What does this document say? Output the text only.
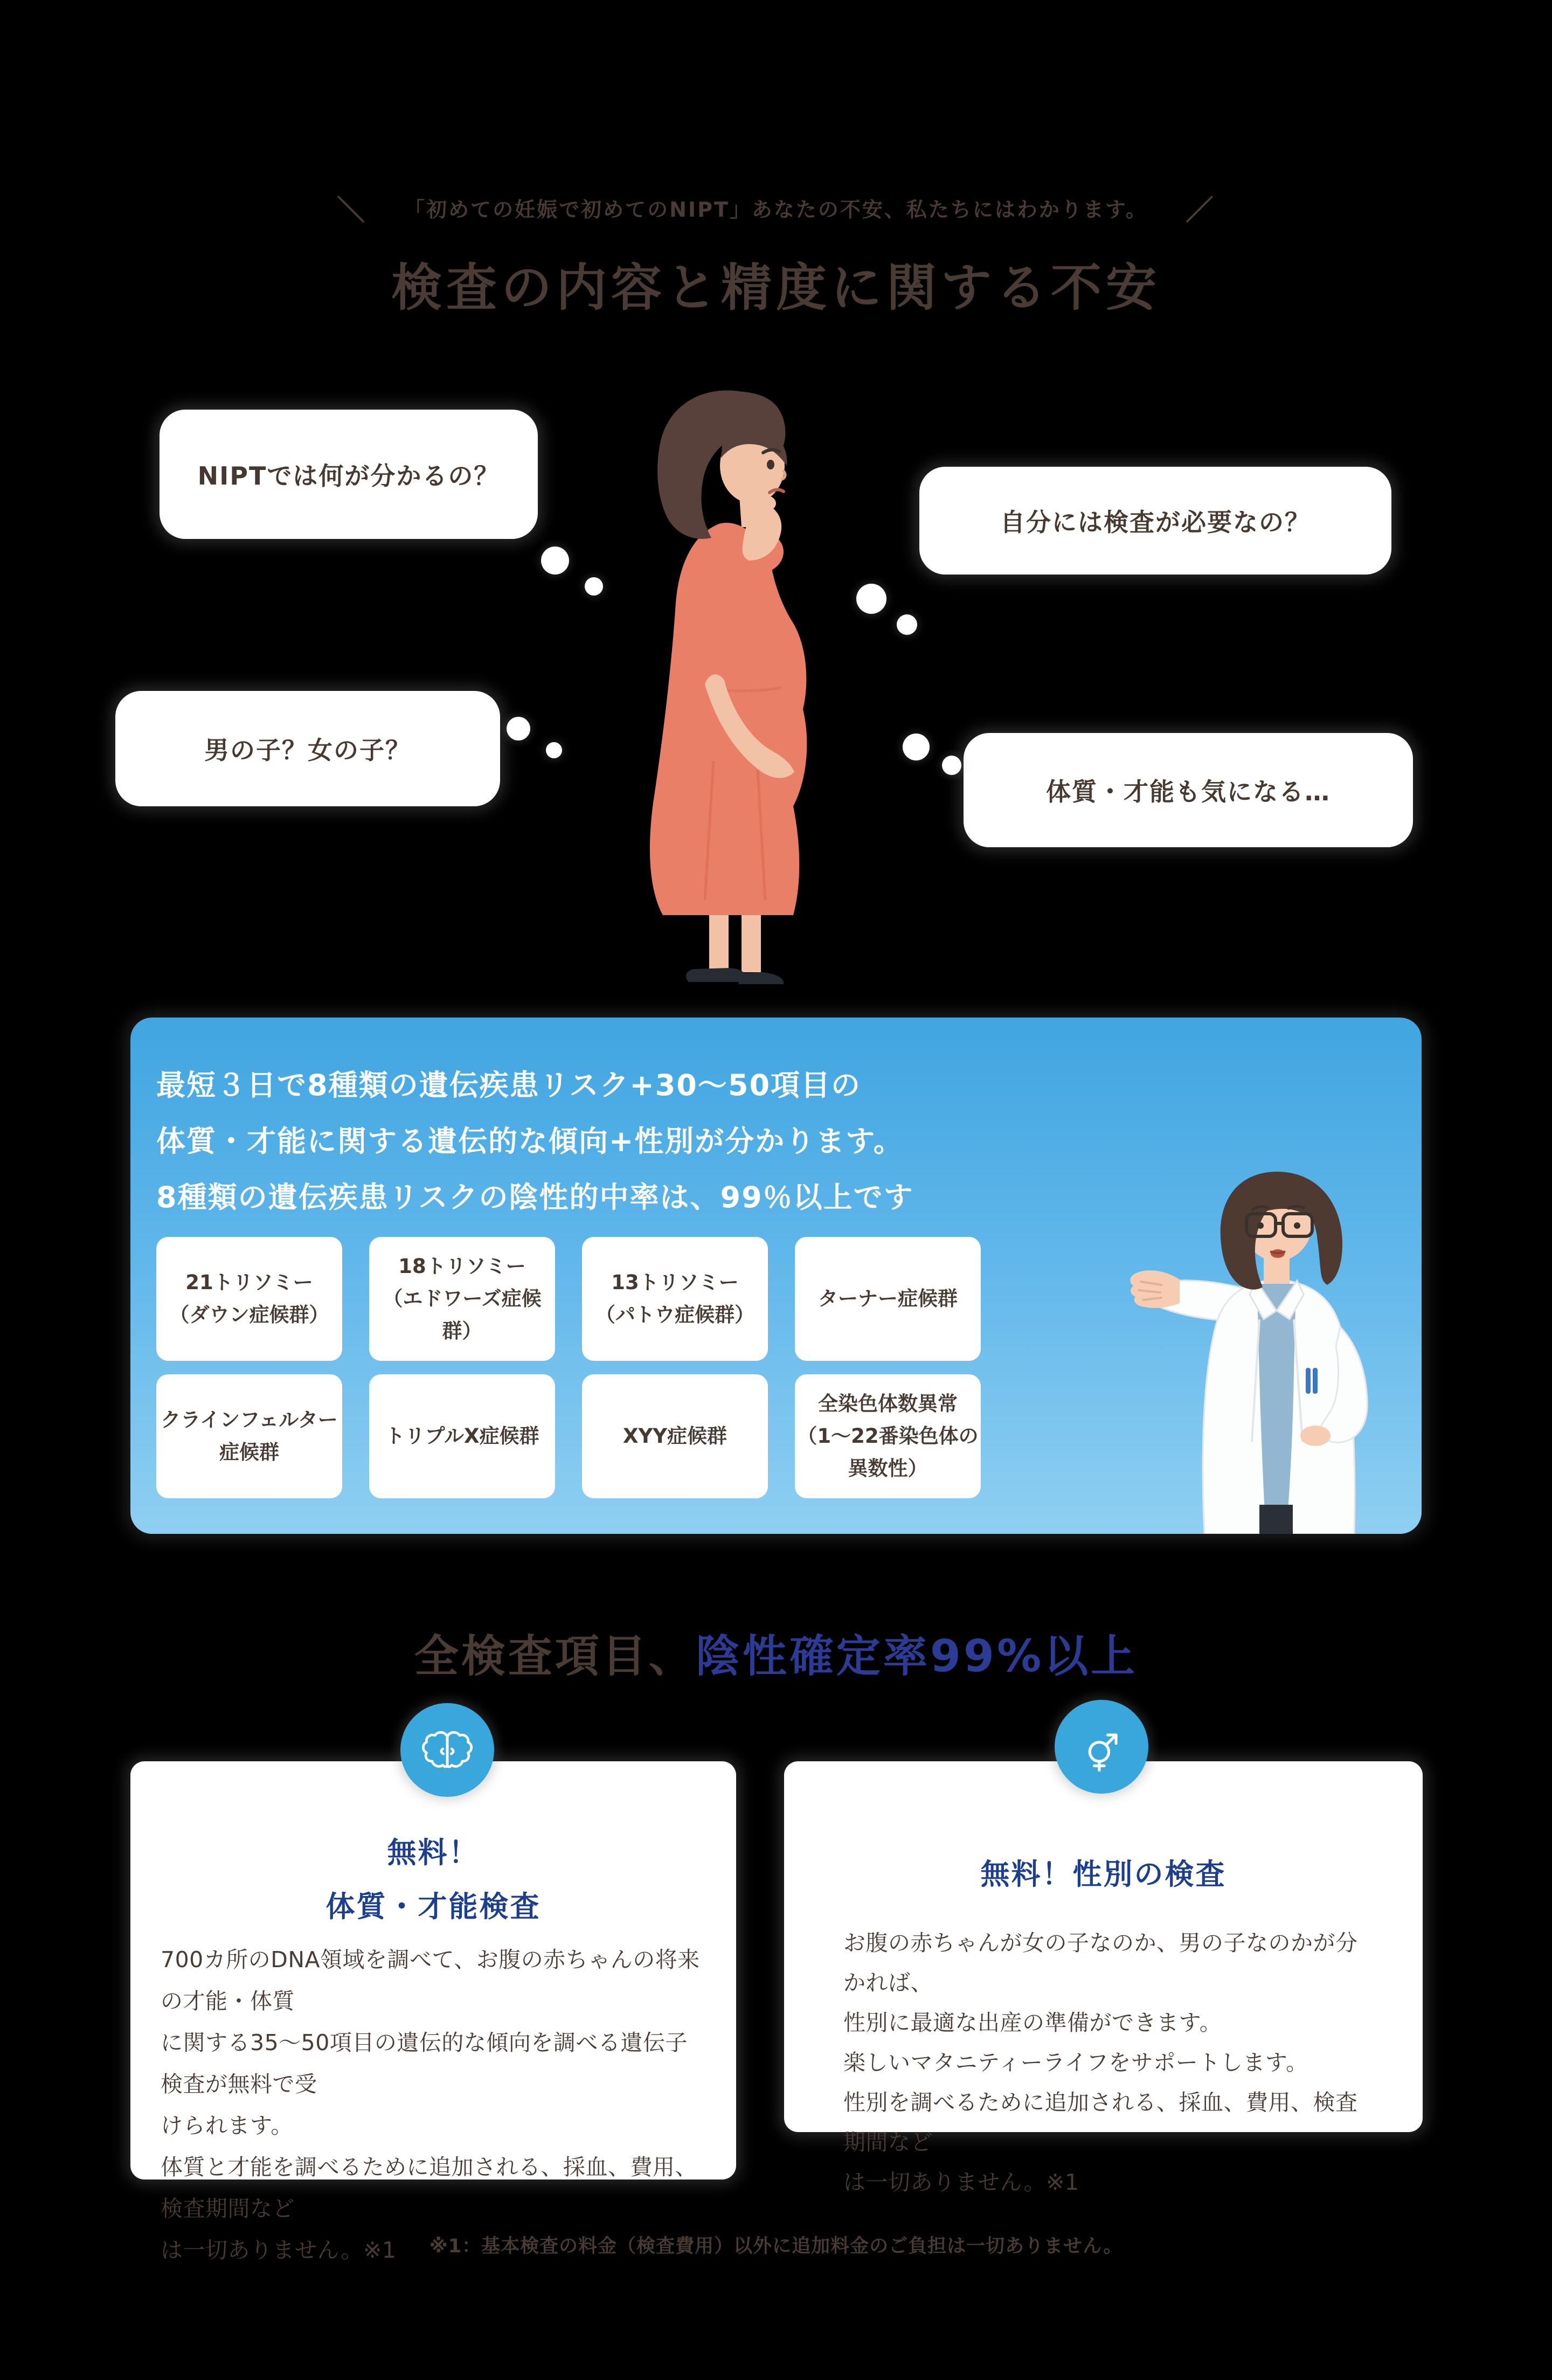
＼ 「初めての妊娠で初めてのNIPT」あなたの不安、私たちにはわかります。 ／
検査の内容と精度に関する不安
NIPTでは何が分かるの？
自分には検査が必要なの？
男の子？女の子？
体質・才能も気になる…
最短３日で8種類の遺伝疾患リスク+30〜50項目の
体質・才能に関する遺伝的な傾向+性別が分かります。
8種類の遺伝疾患リスクの陰性的中率は、99％以上です
21トリソミー
（ダウン症候群）
18トリソミー
（エドワーズ症候群）
13トリソミー
（パトウ症候群）
ターナー症候群
クラインフェルター
症候群
トリプルX症候群	XYY症候群
全染色体数異常
（1〜22番染色体の
異数性）
全検査項目、陰性確定率99%以上
無料！
体質・才能検査
700カ所のDNA領域を調べて、お腹の赤ちゃんの将来の才能・体質
に関する35〜50項目の遺伝的な傾向を調べる遺伝子検査が無料で受
けられます。
体質と才能を調べるために追加される、採血、費用、検査期間など
は一切ありません。※1
無料！性別の検査
お腹の赤ちゃんが女の子なのか、男の子なのかが分かれば、
性別に最適な出産の準備ができます。
楽しいマタニティーライフをサポートします。
性別を調べるために追加される、採血、費用、検査期間など
は一切ありません。※1
※1：基本検査の料金（検査費用）以外に追加料金のご負担は一切ありません。
